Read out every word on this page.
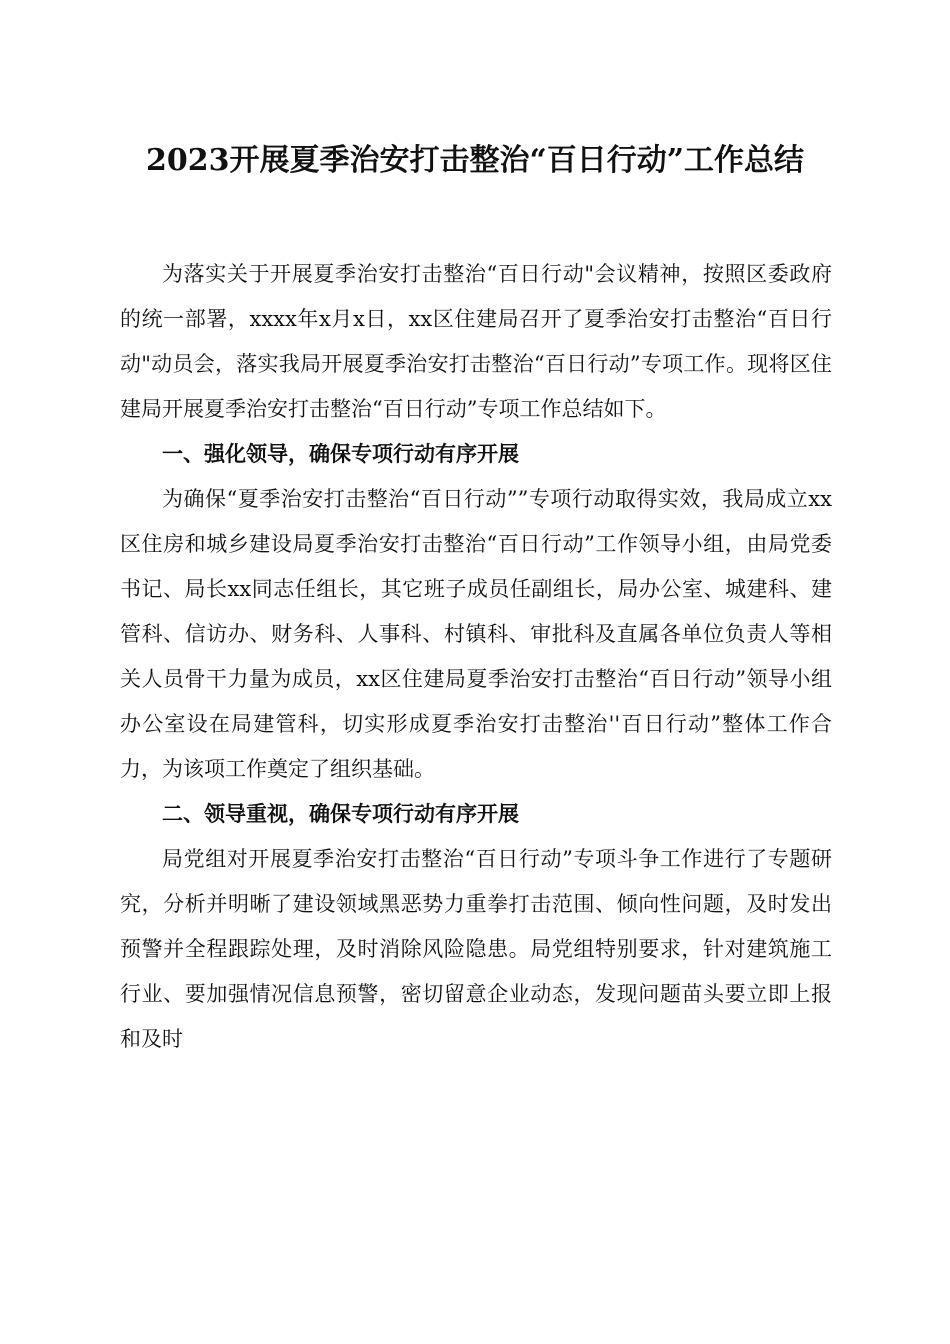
2023开展夏季治安打击整治“百日行动”工作总结

为落实关于开展夏季治安打击整治“百日行动"会议精神，按照区委政府的统一部署，xxxx年x月x日，xx区住建局召开了夏季治安打击整治“百日行动"动员会，落实我局开展夏季治安打击整治“百日行动”专项工作。现将区住建局开展夏季治安打击整治“百日行动”专项工作总结如下。

一、强化领导，确保专项行动有序开展

为确保“夏季治安打击整治“百日行动””专项行动取得实效，我局成立xx区住房和城乡建设局夏季治安打击整治“百日行动”工作领导小组，由局党委书记、局长xx同志任组长，其它班子成员任副组长，局办公室、城建科、建管科、信访办、财务科、人事科、村镇科、审批科及直属各单位负责人等相关人员骨干力量为成员，xx区住建局夏季治安打击整治“百日行动”领导小组办公室设在局建管科，切实形成夏季治安打击整治''百日行动”整体工作合力，为该项工作奠定了组织基础。

二、领导重视，确保专项行动有序开展

局党组对开展夏季治安打击整治“百日行动”专项斗争工作进行了专题研究，分析并明晰了建设领域黑恶势力重拳打击范围、倾向性问题，及时发出预警并全程跟踪处理，及时消除风险隐患。局党组特别要求，针对建筑施工行业、要加强情况信息预警，密切留意企业动态，发现问题苗头要立即上报和及时
